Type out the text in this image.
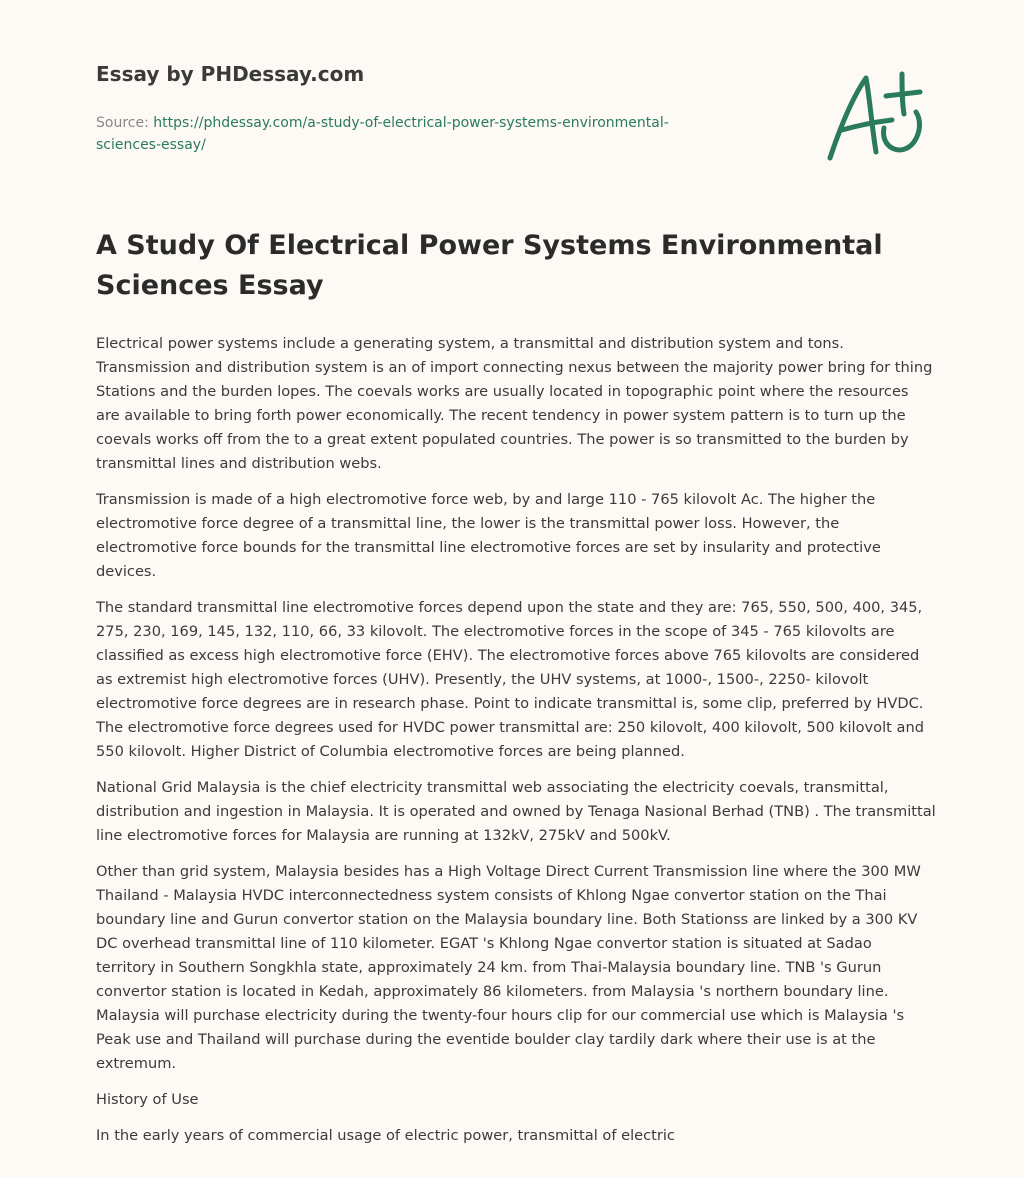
Essay by PHDessay.com
Source: https://phdessay.com/a-study-of-electrical-power-systems-environmental-
sciences-essay/
A Study Of Electrical Power Systems Environmental Sciences Essay

Electrical power systems include a generating system, a transmittal and distribution system and tons. Transmission and distribution system is an of import connecting nexus between the majority power bring for thing Stations and the burden lopes. The coevals works are usually located in topographic point where the resources are available to bring forth power economically. The recent tendency in power system pattern is to turn up the coevals works off from the to a great extent populated countries. The power is so transmitted to the burden by transmittal lines and distribution webs.

Transmission is made of a high electromotive force web, by and large 110 - 765 kilovolt Ac. The higher the electromotive force degree of a transmittal line, the lower is the transmittal power loss. However, the electromotive force bounds for the transmittal line electromotive forces are set by insularity and protective devices.

The standard transmittal line electromotive forces depend upon the state and they are: 765, 550, 500, 400, 345, 275, 230, 169, 145, 132, 110, 66, 33 kilovolt. The electromotive forces in the scope of 345 - 765 kilovolts are classified as excess high electromotive force (EHV). The electromotive forces above 765 kilovolts are considered as extremist high electromotive forces (UHV). Presently, the UHV systems, at 1000-, 1500-, 2250- kilovolt electromotive force degrees are in research phase. Point to indicate transmittal is, some clip, preferred by HVDC. The electromotive force degrees used for HVDC power transmittal are: 250 kilovolt, 400 kilovolt, 500 kilovolt and 550 kilovolt. Higher District of Columbia electromotive forces are being planned.

National Grid Malaysia is the chief electricity transmittal web associating the electricity coevals, transmittal, distribution and ingestion in Malaysia. It is operated and owned by Tenaga Nasional Berhad (TNB) . The transmittal line electromotive forces for Malaysia are running at 132kV, 275kV and 500kV.

Other than grid system, Malaysia besides has a High Voltage Direct Current Transmission line where the 300 MW Thailand - Malaysia HVDC interconnectedness system consists of Khlong Ngae convertor station on the Thai boundary line and Gurun convertor station on the Malaysia boundary line. Both Stationss are linked by a 300 KV DC overhead transmittal line of 110 kilometer. EGAT 's Khlong Ngae convertor station is situated at Sadao territory in Southern Songkhla state, approximately 24 km. from Thai-Malaysia boundary line. TNB 's Gurun convertor station is located in Kedah, approximately 86 kilometers. from Malaysia 's northern boundary line. Malaysia will purchase electricity during the twenty-four hours clip for our commercial use which is Malaysia 's Peak use and Thailand will purchase during the eventide boulder clay tardily dark where their use is at the extremum.

History of Use

In the early years of commercial usage of electric power, transmittal of electric
